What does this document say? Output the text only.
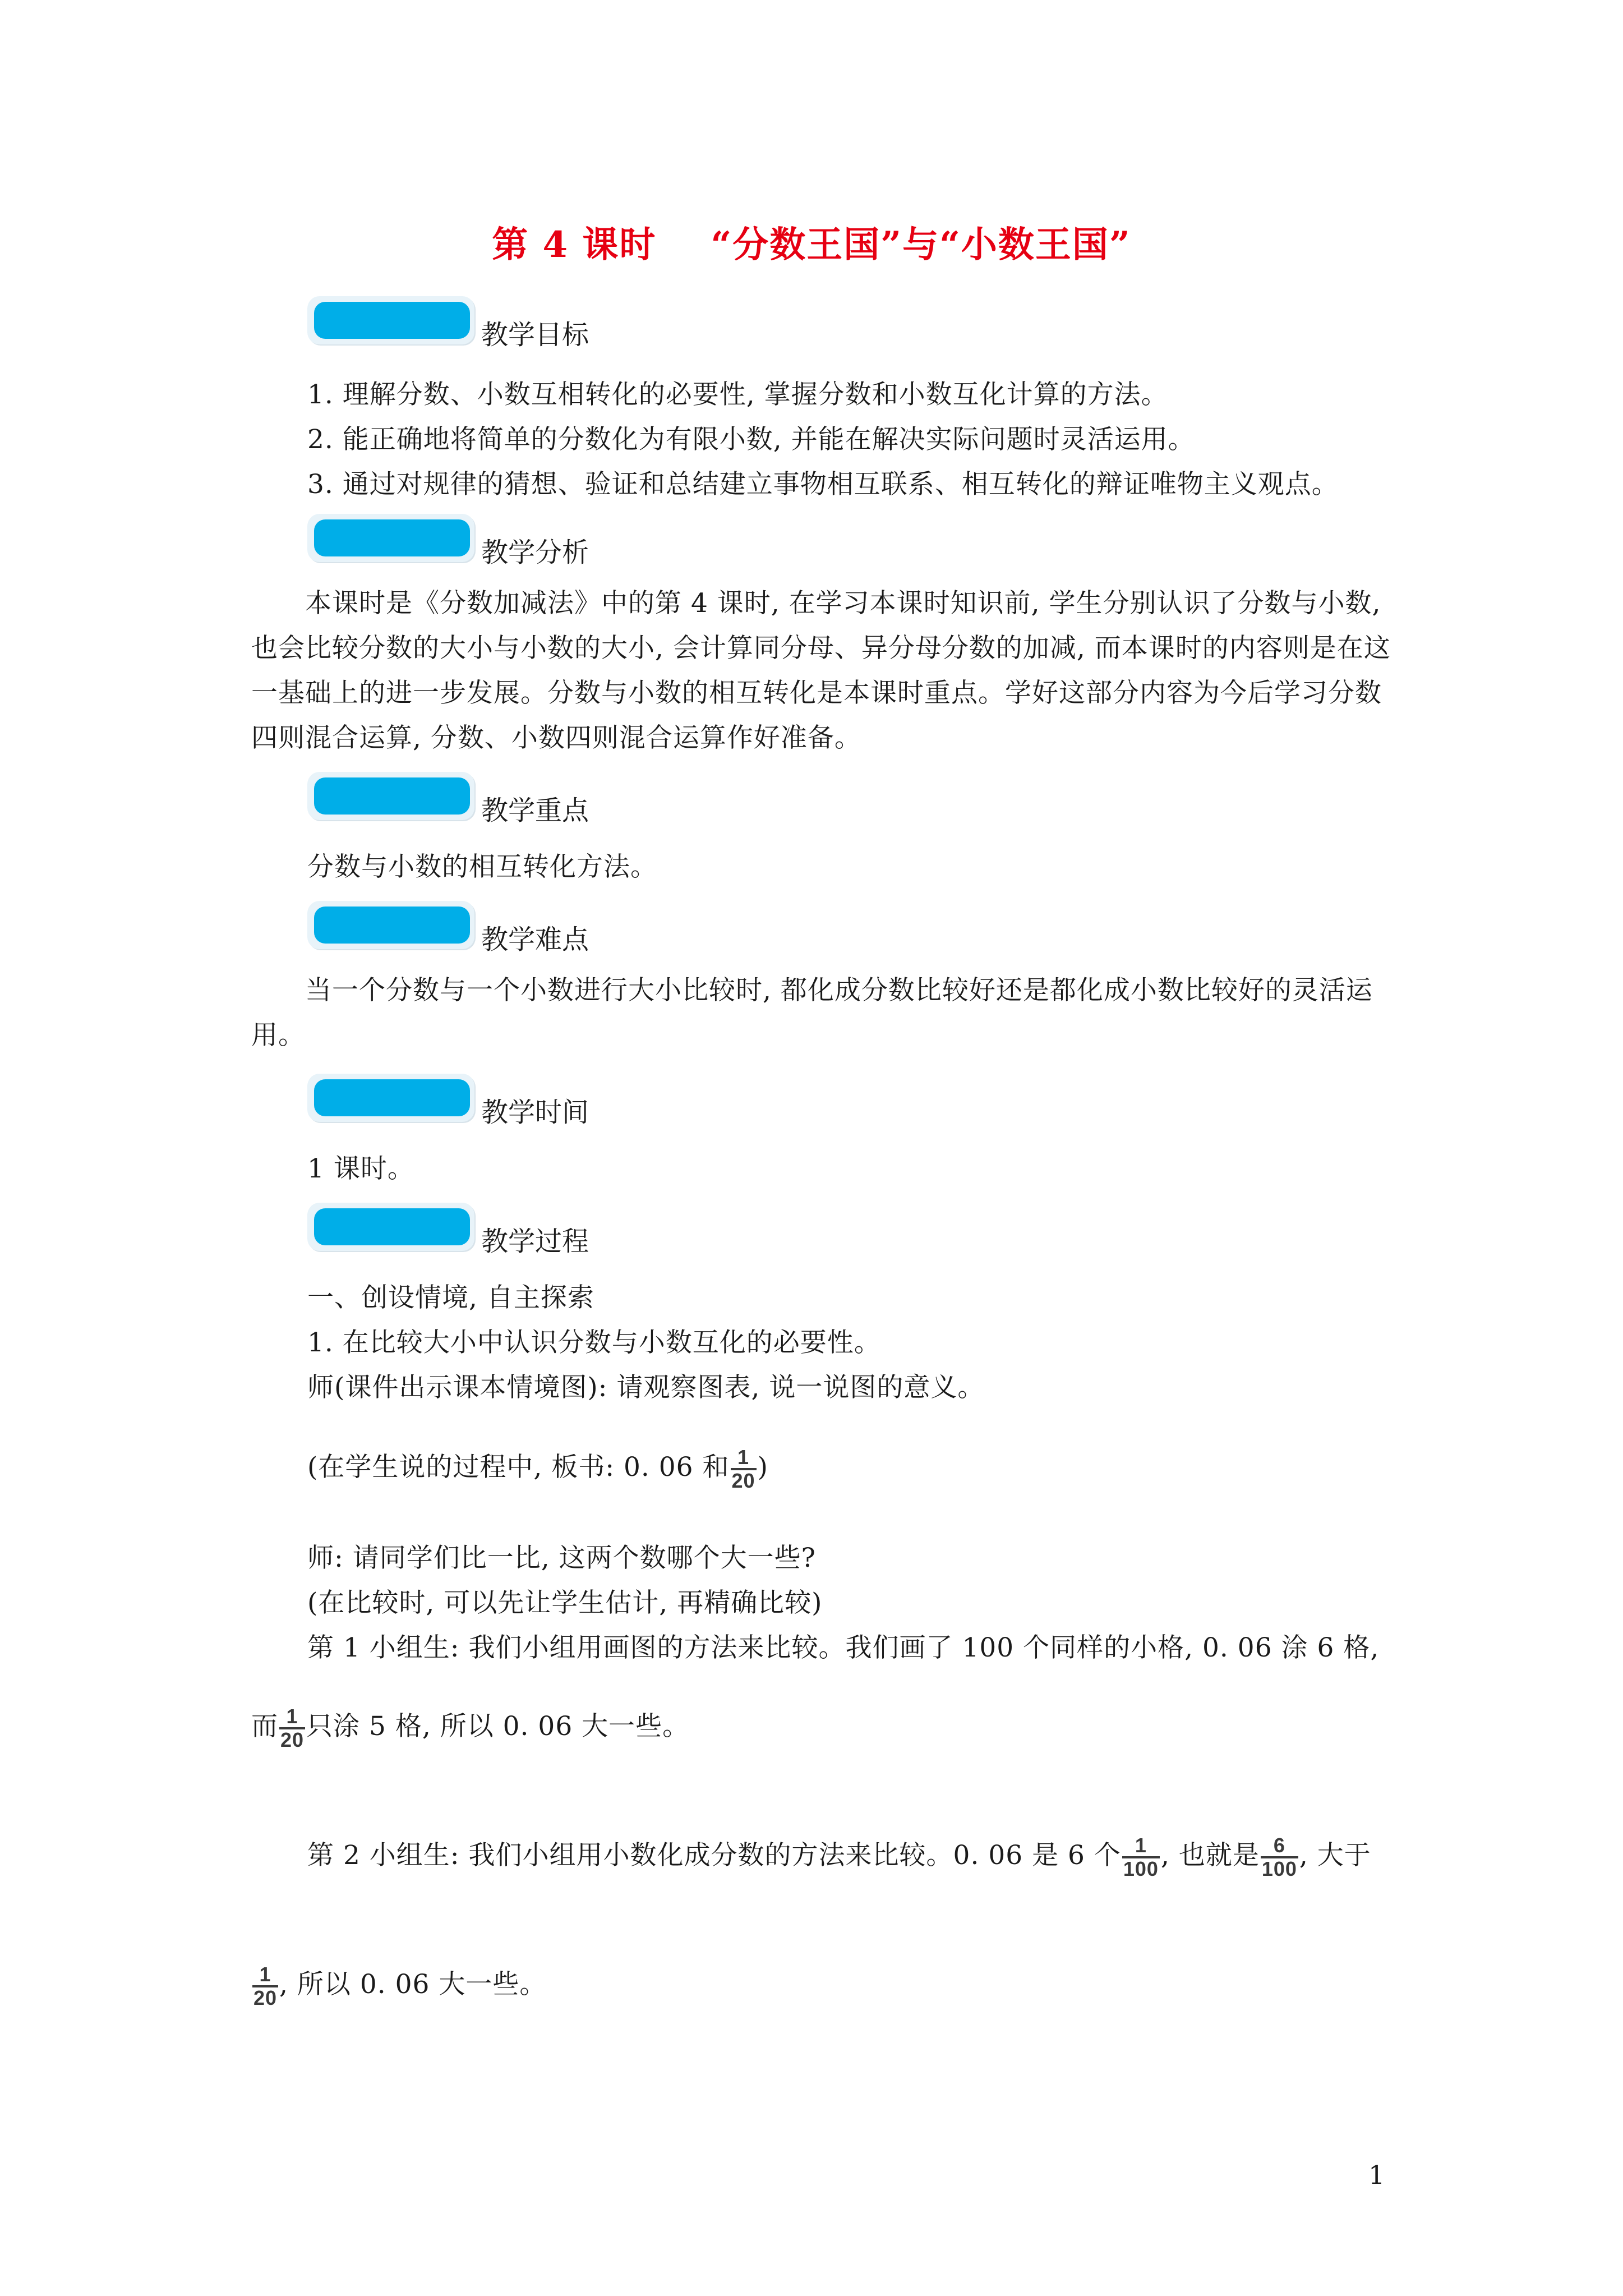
第 4 课时    “分数王国”与“小数王国”
教学目标
1. 理解分数、小数互相转化的必要性, 掌握分数和小数互化计算的方法。
2. 能正确地将简单的分数化为有限小数, 并能在解决实际问题时灵活运用。
3. 通过对规律的猜想、验证和总结建立事物相互联系、相互转化的辩证唯物主义观点。
教学分析
本课时是《分数加减法》中的第 4 课时, 在学习本课时知识前, 学生分别认识了分数与小数, 也会比较分数的大小与小数的大小, 会计算同分母、异分母分数的加减, 而本课时的内容则是在这一基础上的进一步发展。分数与小数的相互转化是本课时重点。学好这部分内容为今后学习分数四则混合运算, 分数、小数四则混合运算作好准备。
教学重点
分数与小数的相互转化方法。
教学难点
当一个分数与一个小数进行大小比较时, 都化成分数比较好还是都化成小数比较好的灵活运用。
教学时间
1 课时。
教学过程
一、创设情境, 自主探索
1. 在比较大小中认识分数与小数互化的必要性。
师(课件出示课本情境图): 请观察图表, 说一说图的意义。
(在学生说的过程中, 板书: 0. 06 和 $\frac{1}{20}$ )
师: 请同学们比一比, 这两个数哪个大一些?
(在比较时, 可以先让学生估计, 再精确比较)
第 1 小组生: 我们小组用画图的方法来比较。我们画了 100 个同样的小格, 0. 06 涂 6 格,
而 $\frac{1}{20}$ 只涂 5 格, 所以 0. 06 大一些。
第 2 小组生: 我们小组用小数化成分数的方法来比较。0. 06 是 6 个 $\frac{1}{100}$ , 也就是 $\frac{6}{100}$ , 大于
$\frac{1}{20}$ , 所以 0. 06 大一些。
1
